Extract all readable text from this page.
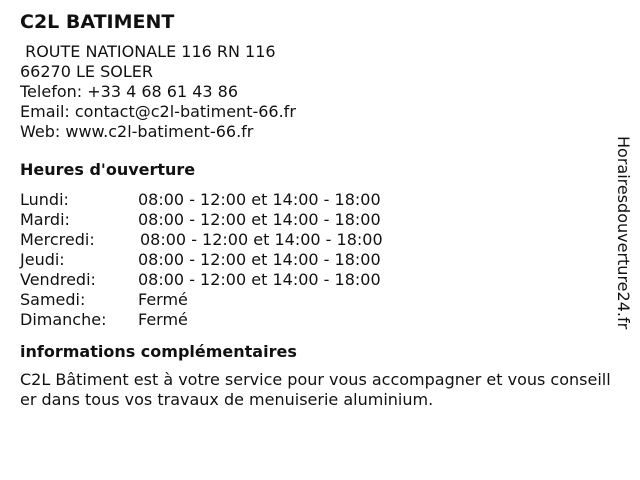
C2L BATIMENT
ROUTE NATIONALE 116 RN 116
66270 LE SOLER
Telefon: +33 4 68 61 43 86
Email: contact@c2l-batiment-66.fr
Web: www.c2l-batiment-66.fr
Heures d'ouverture
Lundi:	08:00 - 12:00 et 14:00 - 18:00
Mardi:	08:00 - 12:00 et 14:00 - 18:00
Mercredi:	08:00 - 12:00 et 14:00 - 18:00
Jeudi:	08:00 - 12:00 et 14:00 - 18:00
Vendredi:	08:00 - 12:00 et 14:00 - 18:00
Samedi:	Fermé
Dimanche:	Fermé
informations complémentaires
C2L Bâtiment est à votre service pour vous accompagner et vous conseiller dans tous vos travaux de menuiserie aluminium.
Horairesdouverture24.fr
